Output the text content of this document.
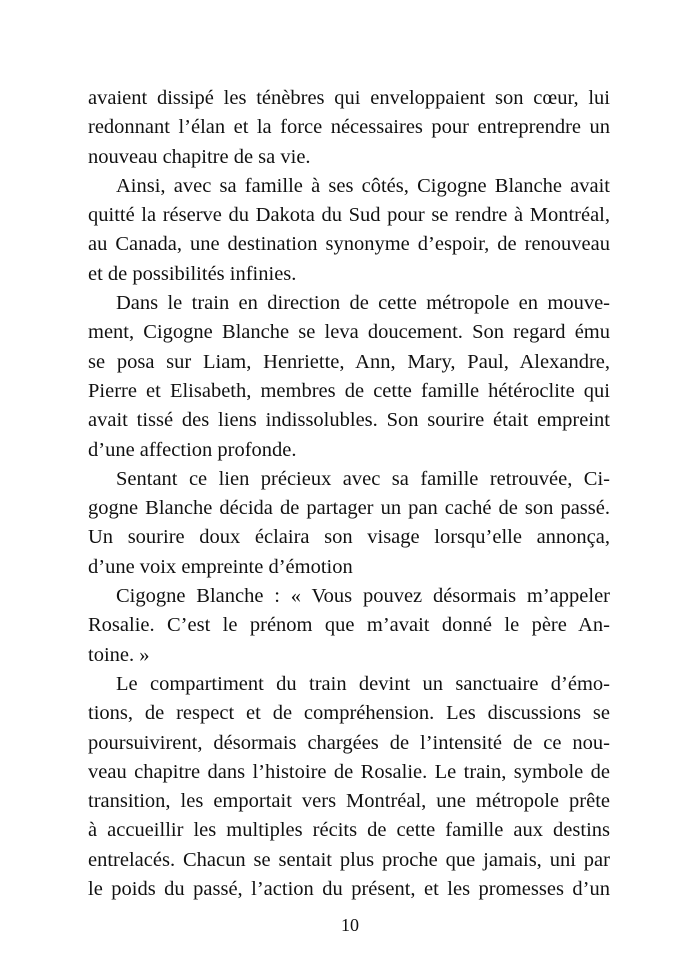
avaient dissipé les ténèbres qui enveloppaient son cœur, lui
redonnant l’élan et la force nécessaires pour entreprendre un
nouveau chapitre de sa vie.

Ainsi, avec sa famille à ses côtés, Cigogne Blanche avait
quitté la réserve du Dakota du Sud pour se rendre à Montréal,
au Canada, une destination synonyme d’espoir, de renouveau
et de possibilités infinies.

Dans le train en direction de cette métropole en mouve-
ment, Cigogne Blanche se leva doucement. Son regard ému
se posa sur Liam, Henriette, Ann, Mary, Paul, Alexandre,
Pierre et Elisabeth, membres de cette famille hétéroclite qui
avait tissé des liens indissolubles. Son sourire était empreint
d’une affection profonde.

Sentant ce lien précieux avec sa famille retrouvée, Ci-
gogne Blanche décida de partager un pan caché de son passé.
Un sourire doux éclaira son visage lorsqu’elle annonça,
d’une voix empreinte d’émotion

Cigogne Blanche : « Vous pouvez désormais m’appeler
Rosalie. C’est le prénom que m’avait donné le père An-
toine. »

Le compartiment du train devint un sanctuaire d’émo-
tions, de respect et de compréhension. Les discussions se
poursuivirent, désormais chargées de l’intensité de ce nou-
veau chapitre dans l’histoire de Rosalie. Le train, symbole de
transition, les emportait vers Montréal, une métropole prête
à accueillir les multiples récits de cette famille aux destins
entrelacés. Chacun se sentait plus proche que jamais, uni par
le poids du passé, l’action du présent, et les promesses d’un

10
